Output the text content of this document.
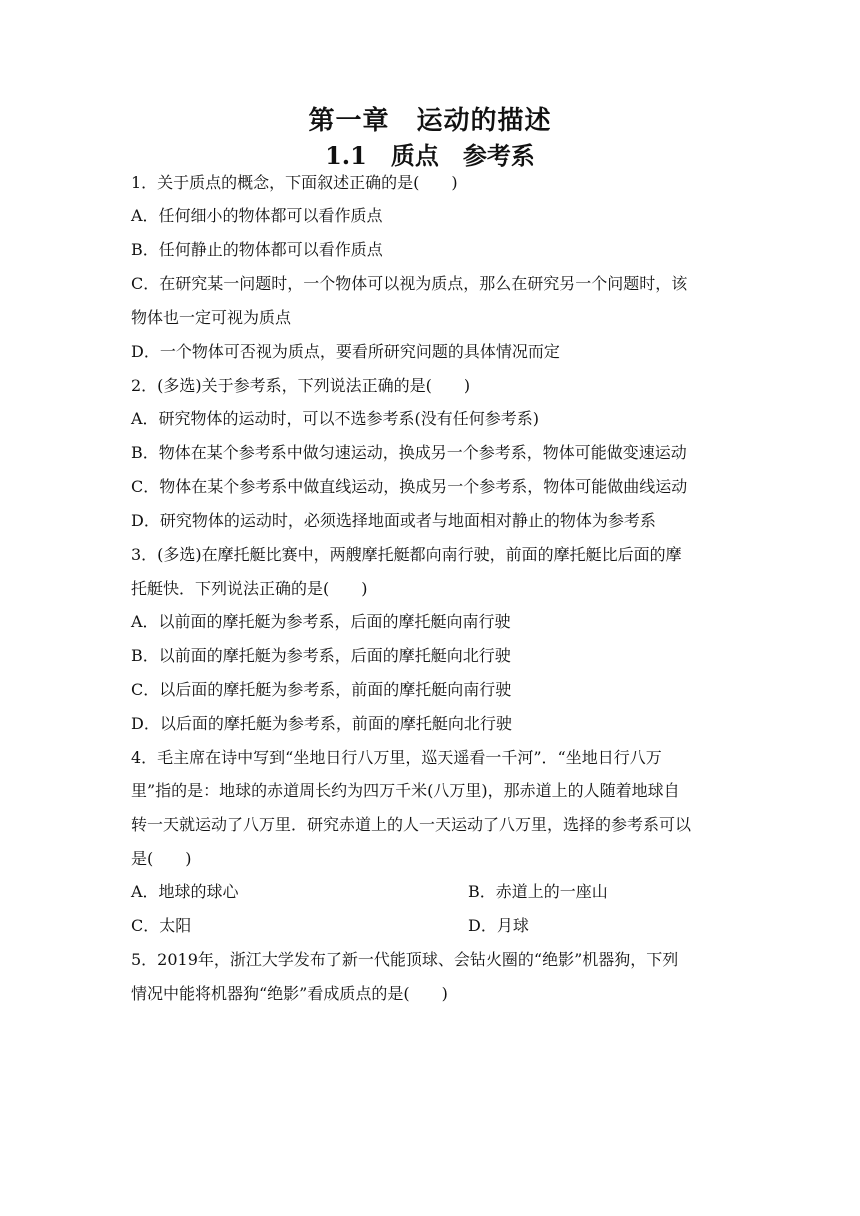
第一章　运动的描述
1.1　质点　参考系
1．关于质点的概念，下面叙述正确的是(　　)
A．任何细小的物体都可以看作质点
B．任何静止的物体都可以看作质点
C．在研究某一问题时，一个物体可以视为质点，那么在研究另一个问题时，该
物体也一定可视为质点
D．一个物体可否视为质点，要看所研究问题的具体情况而定
2．(多选)关于参考系，下列说法正确的是(　　)
A．研究物体的运动时，可以不选参考系(没有任何参考系)
B．物体在某个参考系中做匀速运动，换成另一个参考系，物体可能做变速运动
C．物体在某个参考系中做直线运动，换成另一个参考系，物体可能做曲线运动
D．研究物体的运动时，必须选择地面或者与地面相对静止的物体为参考系
3．(多选)在摩托艇比赛中，两艘摩托艇都向南行驶，前面的摩托艇比后面的摩
托艇快．下列说法正确的是(　　)
A．以前面的摩托艇为参考系，后面的摩托艇向南行驶
B．以前面的摩托艇为参考系，后面的摩托艇向北行驶
C．以后面的摩托艇为参考系，前面的摩托艇向南行驶
D．以后面的摩托艇为参考系，前面的摩托艇向北行驶
4．毛主席在诗中写到“坐地日行八万里，巡天遥看一千河”．“坐地日行八万
里”指的是：地球的赤道周长约为四万千米(八万里)，那赤道上的人随着地球自
转一天就运动了八万里．研究赤道上的人一天运动了八万里，选择的参考系可以
是(　　)
A．地球的球心	B．赤道上的一座山
C．太阳	D．月球
5．2019年，浙江大学发布了新一代能顶球、会钻火圈的“绝影”机器狗，下列
情况中能将机器狗“绝影”看成质点的是(　　)
